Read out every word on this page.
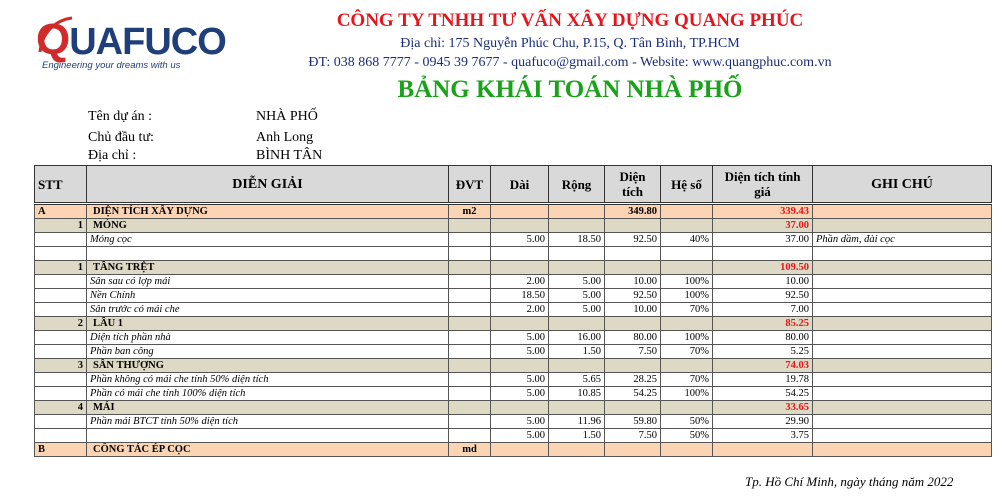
QUAFUCO
Engineering your dreams with us
CÔNG TY TNHH TƯ VẤN XÂY DỰNG QUANG PHÚC
Địa chỉ: 175 Nguyễn Phúc Chu, P.15, Q. Tân Bình, TP.HCM
ĐT: 038 868 7777 - 0945 39 7677 - quafuco@gmail.com - Website: www.quangphuc.com.vn
BẢNG KHÁI TOÁN NHÀ PHỐ
Tên dự án :	NHÀ PHỐ
Chủ đầu tư:	Anh Long
Địa chỉ :	BÌNH TÂN
STT	DIỄN GIẢI	ĐVT	Dài	Rộng	Diện tích	Hệ số	Diện tích tính giá	GHI CHÚ
A	DIỆN TÍCH XÂY DỰNG	m2			349.80		339.43	
1	MÓNG						37.00	
	Móng cọc		5.00	18.50	92.50	40%	37.00	Phần dầm, đài cọc

1	TẦNG TRỆT						109.50	
	Sân sau có lợp mái		2.00	5.00	10.00	100%	10.00	
	Nền Chính		18.50	5.00	92.50	100%	92.50	
	Sân trước có mái che		2.00	5.00	10.00	70%	7.00	
2	LẦU 1						85.25	
	Diện tích phần nhà		5.00	16.00	80.00	100%	80.00	
	Phần ban công		5.00	1.50	7.50	70%	5.25	
3	SÂN THƯỢNG						74.03	
	Phần không có mái che tính 50% diện tích		5.00	5.65	28.25	70%	19.78	
	Phần có mái che tính 100% diện tích		5.00	10.85	54.25	100%	54.25	
4	MÁI						33.65	
	Phần mái BTCT tính 50% diện tích		5.00	11.96	59.80	50%	29.90	
			5.00	1.50	7.50	50%	3.75	
B	CÔNG TÁC ÉP CỌC	md						
Tp. Hồ Chí Minh, ngày tháng năm 2022
